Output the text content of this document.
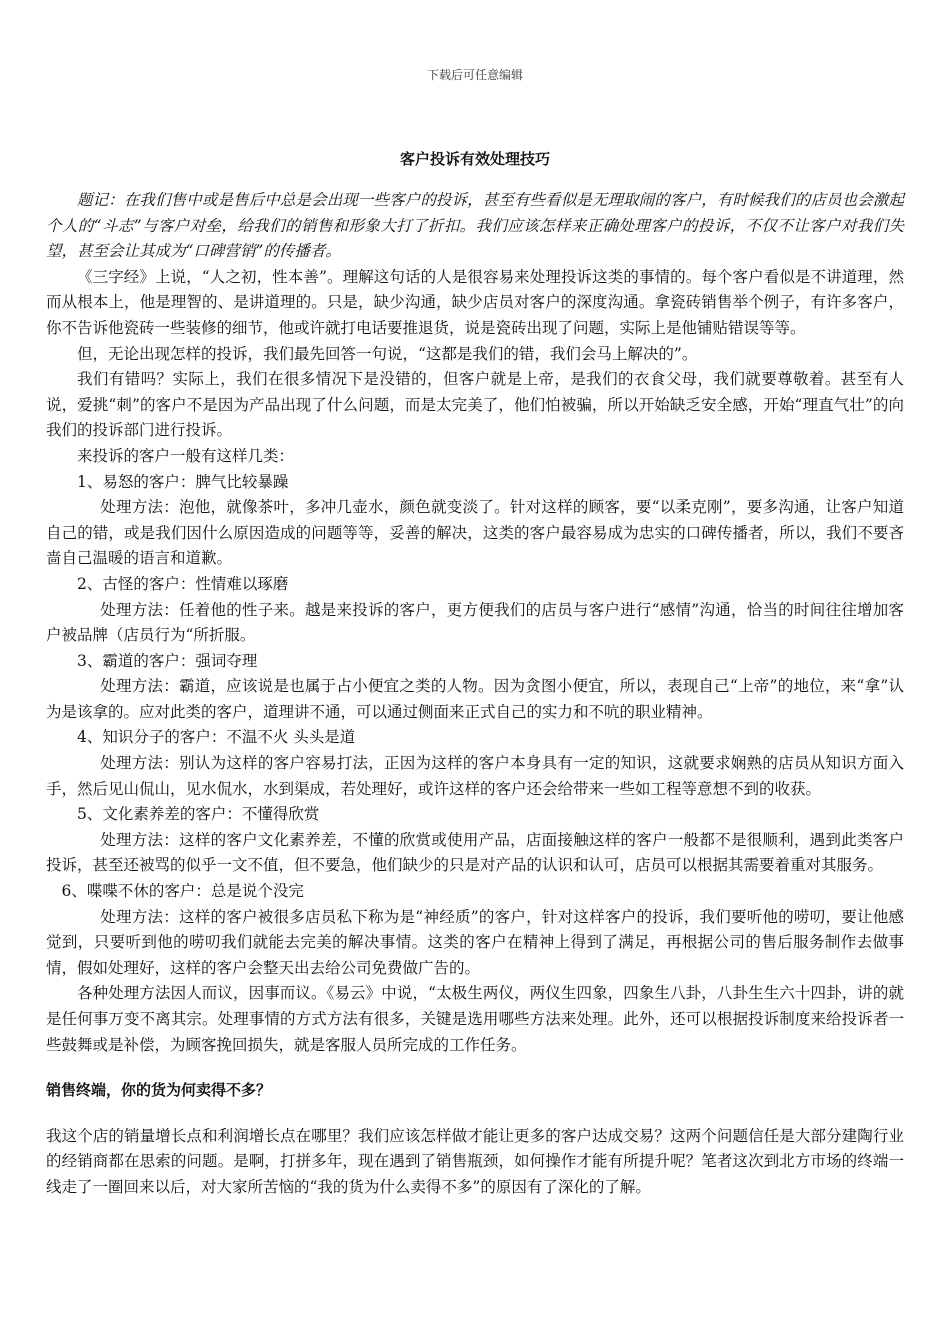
下载后可任意编辑
客户投诉有效处理技巧

题记：在我们售中或是售后中总是会出现一些客户的投诉，甚至有些看似是无理取闹的客户，有时候我们的店员也会激起个人的“斗志”与客户对垒，给我们的销售和形象大打了折扣。我们应该怎样来正确处理客户的投诉，不仅不让客户对我们失望，甚至会让其成为“口碑营销”的传播者。

《三字经》上说，“人之初，性本善”。理解这句话的人是很容易来处理投诉这类的事情的。每个客户看似是不讲道理，然而从根本上，他是理智的、是讲道理的。只是，缺少沟通，缺少店员对客户的深度沟通。拿瓷砖销售举个例子，有许多客户，你不告诉他瓷砖一些装修的细节，他或许就打电话要推退货，说是瓷砖出现了问题，实际上是他铺贴错误等等。

但，无论出现怎样的投诉，我们最先回答一句说，“这都是我们的错，我们会马上解决的”。

我们有错吗？实际上，我们在很多情况下是没错的，但客户就是上帝，是我们的衣食父母，我们就要尊敬着。甚至有人说，爱挑“刺”的客户不是因为产品出现了什么问题，而是太完美了，他们怕被骗，所以开始缺乏安全感，开始“理直气壮”的向我们的投诉部门进行投诉。

来投诉的客户一般有这样几类：

1、易怒的客户：脾气比较暴躁

处理方法：泡他，就像茶叶，多冲几壶水，颜色就变淡了。针对这样的顾客，要“以柔克刚”，要多沟通，让客户知道自己的错，或是我们因什么原因造成的问题等等，妥善的解决，这类的客户最容易成为忠实的口碑传播者，所以，我们不要吝啬自己温暖的语言和道歉。

2、古怪的客户：性情难以琢磨

处理方法：任着他的性子来。越是来投诉的客户，更方便我们的店员与客户进行“感情”沟通，恰当的时间往往增加客户被品牌（店员行为“所折服。

3、霸道的客户：强词夺理

处理方法：霸道，应该说是也属于占小便宜之类的人物。因为贪图小便宜，所以，表现自己“上帝”的地位，来“拿”认为是该拿的。应对此类的客户，道理讲不通，可以通过侧面来正式自己的实力和不吭的职业精神。

4、知识分子的客户：不温不火 头头是道

处理方法：别认为这样的客户容易打法，正因为这样的客户本身具有一定的知识，这就要求娴熟的店员从知识方面入手，然后见山侃山，见水侃水，水到渠成，若处理好，或许这样的客户还会给带来一些如工程等意想不到的收获。

5、文化素养差的客户：不懂得欣赏

处理方法：这样的客户文化素养差，不懂的欣赏或使用产品，店面接触这样的客户一般都不是很顺利，遇到此类客户投诉，甚至还被骂的似乎一文不值，但不要急，他们缺少的只是对产品的认识和认可，店员可以根据其需要着重对其服务。

6、喋喋不休的客户：总是说个没完

处理方法：这样的客户被很多店员私下称为是“神经质”的客户，针对这样客户的投诉，我们要听他的唠叨，要让他感觉到，只要听到他的唠叨我们就能去完美的解决事情。这类的客户在精神上得到了满足，再根据公司的售后服务制作去做事情，假如处理好，这样的客户会整天出去给公司免费做广告的。

各种处理方法因人而议，因事而议。《易云》中说，“太极生两仪，两仪生四象，四象生八卦，八卦生生六十四卦，讲的就是任何事万变不离其宗。处理事情的方式方法有很多，关键是选用哪些方法来处理。此外，还可以根据投诉制度来给投诉者一些鼓舞或是补偿，为顾客挽回损失，就是客服人员所完成的工作任务。

销售终端，你的货为何卖得不多？

我这个店的销量增长点和利润增长点在哪里？我们应该怎样做才能让更多的客户达成交易？这两个问题信任是大部分建陶行业的经销商都在思索的问题。是啊，打拼多年，现在遇到了销售瓶颈，如何操作才能有所提升呢？笔者这次到北方市场的终端一线走了一圈回来以后，对大家所苦恼的“我的货为什么卖得不多”的原因有了深化的了解。
